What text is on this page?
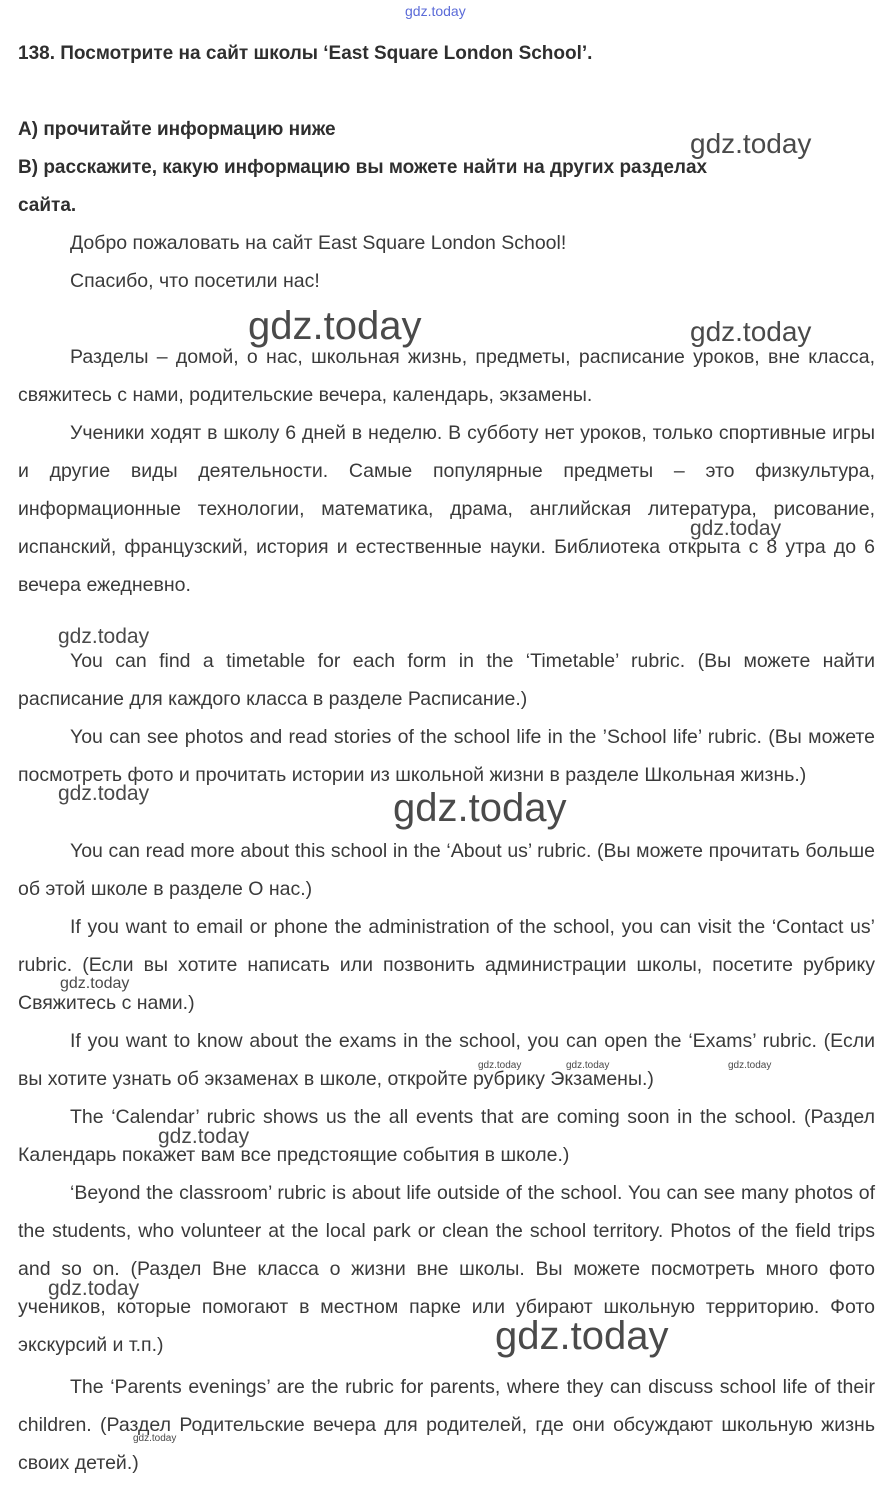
gdz.today
gdz.today
gdz.today	gdz.today
gdz.today
gdz.today
gdz.today	gdz.today
gdz.today
gdz.today	gdz.today	gdz.today
gdz.today
gdz.today
gdz.today
gdz.today
138. Посмотрите на сайт школы ‘East Square London School’.
А) прочитайте информацию ниже
В) расскажите, какую информацию вы можете найти на других разделах
сайта.

Добро пожаловать на сайт East Square London School!

Спасибо, что посетили нас!

Разделы – домой, о нас, школьная жизнь, предметы, расписание уроков, вне класса, свяжитесь с нами, родительские вечера, календарь, экзамены.

Ученики ходят в школу 6 дней в неделю. В субботу нет уроков, только спортивные игры и другие виды деятельности. Самые популярные предметы – это физкультура, информационные технологии, математика, драма, английская литература, рисование, испанский, французский, история и естественные науки. Библиотека открыта с 8 утра до 6 вечера ежедневно.

You can find a timetable for each form in the ‘Timetable’ rubric. (Вы можете найти расписание для каждого класса в разделе Расписание.)

You can see photos and read stories of the school life in the ’School life’ rubric. (Вы можете посмотреть фото и прочитать истории из школьной жизни в разделе Школьная жизнь.)

You can read more about this school in the ‘About us’ rubric. (Вы можете прочитать больше об этой школе в разделе О нас.)

If you want to email or phone the administration of the school, you can visit the ‘Contact us’ rubric. (Если вы хотите написать или позвонить администрации школы, посетите рубрику Свяжитесь с нами.)

If you want to know about the exams in the school, you can open the ‘Exams’ rubric. (Если вы хотите узнать об экзаменах в школе, откройте рубрику Экзамены.)

The ‘Calendar’ rubric shows us the all events that are coming soon in the school. (Раздел Календарь покажет вам все предстоящие события в школе.)

‘Beyond the classroom’ rubric is about life outside of the school. You can see many photos of the students, who volunteer at the local park or clean the school territory. Photos of the field trips and so on. (Раздел Вне класса о жизни вне школы. Вы можете посмотреть много фото учеников, которые помогают в местном парке или убирают школьную территорию. Фото экскурсий и т.п.)

The ‘Parents evenings’ are the rubric for parents, where they can discuss school life of their children. (Раздел Родительские вечера для родителей, где они обсуждают школьную жизнь своих детей.)
